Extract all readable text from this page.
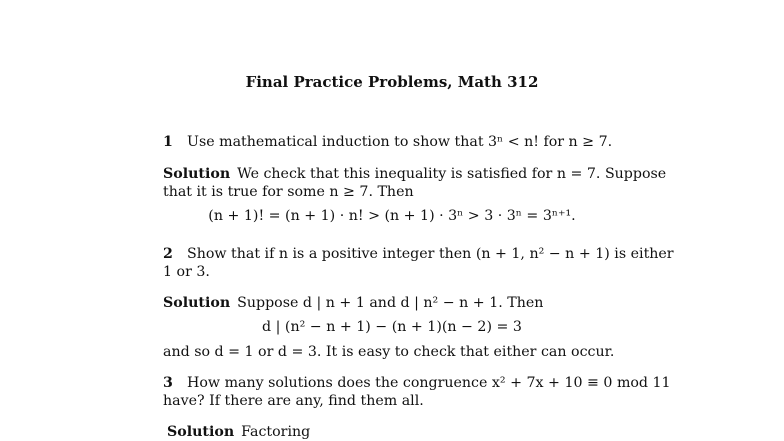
Final Practice Problems, Math 312
1 Use mathematical induction to show that 3ⁿ < n! for n ≥ 7.
Solution We check that this inequality is satisfied for n = 7. Suppose
that it is true for some n ≥ 7. Then
(n + 1)! = (n + 1) · n! > (n + 1) · 3ⁿ > 3 · 3ⁿ = 3ⁿ⁺¹.
2 Show that if n is a positive integer then (n + 1, n² − n + 1) is either
1 or 3.
Solution Suppose d | n + 1 and d | n² − n + 1. Then
d | (n² − n + 1) − (n + 1)(n − 2) = 3
and so d = 1 or d = 3. It is easy to check that either can occur.
3 How many solutions does the congruence x² + 7x + 10 ≡ 0 mod 11
have? If there are any, find them all.
Solution Factoring
